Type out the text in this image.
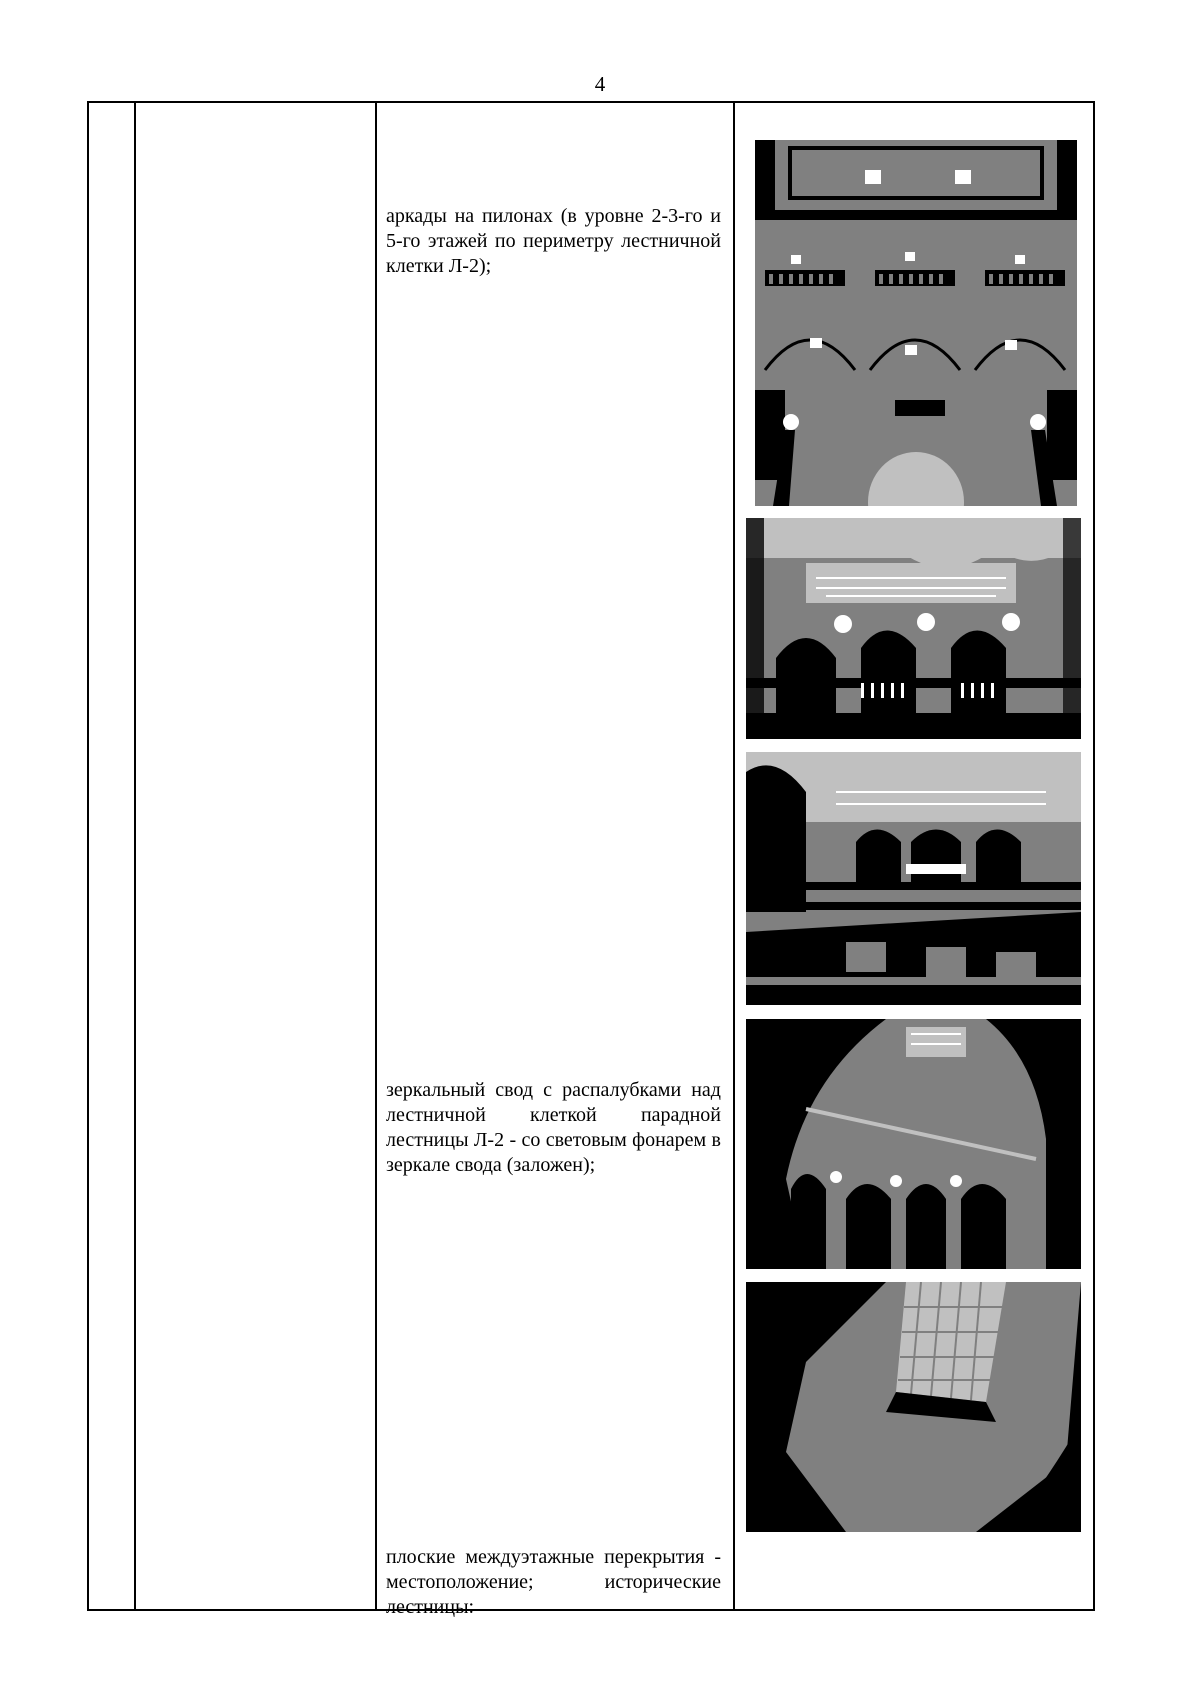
4
аркады на пилонах (в уровне 2-3-го и 5-го этажей по периметру лестничной клетки Л-2);
зеркальный свод с распалубками над лестничной клеткой парадной лестницы Л-2 - со световым фонарем в зеркале свода (заложен);
плоские междуэтажные перекрытия - местоположение; исторические лестницы:
